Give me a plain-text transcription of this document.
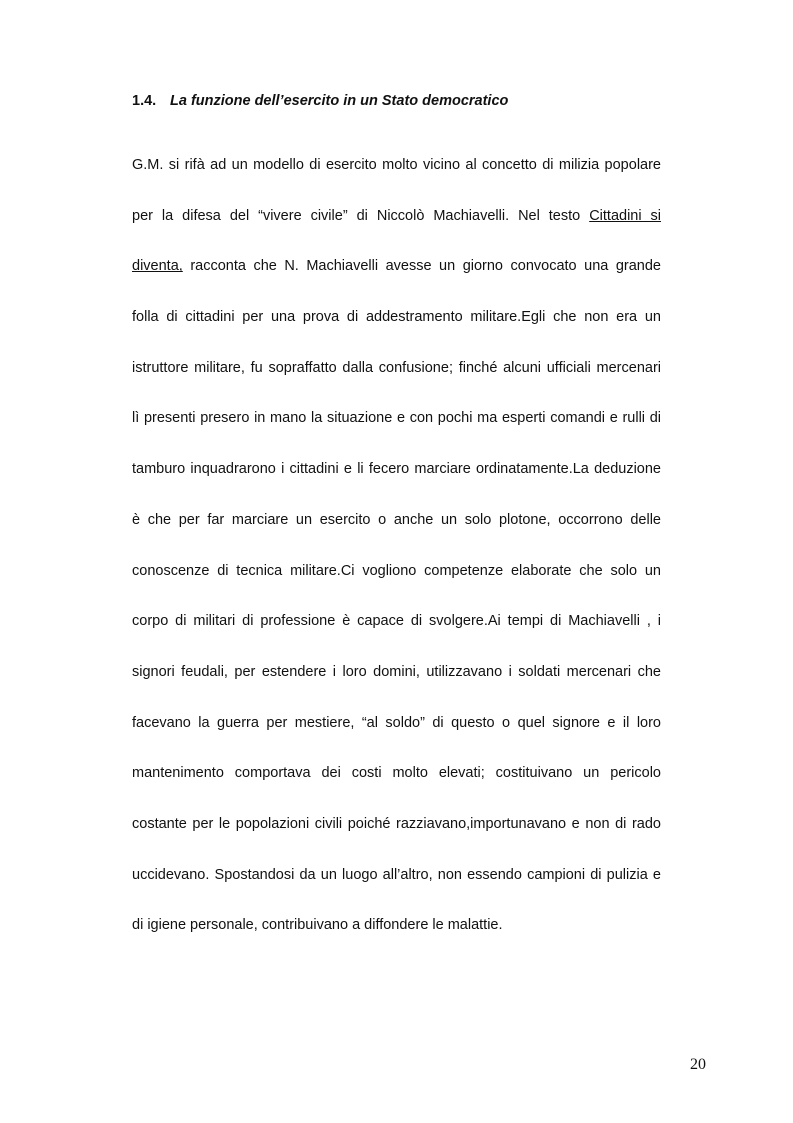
1.4. La funzione dell’esercito in un Stato democratico
G.M. si rifà ad un modello di esercito molto vicino al concetto di milizia popolare
per la difesa del “vivere civile” di Niccolò Machiavelli. Nel testo Cittadini si
diventa, racconta che N. Machiavelli avesse un giorno convocato una grande
folla di cittadini per una prova di addestramento militare.Egli che non era un
istruttore militare, fu sopraffatto dalla confusione; finché alcuni ufficiali mercenari
lì presenti presero in mano la situazione e con pochi ma esperti comandi e rulli di
tamburo inquadrarono i cittadini e li fecero marciare ordinatamente.La deduzione
è che per far marciare un esercito o anche un solo plotone, occorrono delle
conoscenze di tecnica militare.Ci vogliono competenze elaborate che solo un
corpo di militari di professione è capace di svolgere.Ai tempi di Machiavelli , i
signori feudali, per estendere i loro domini, utilizzavano i soldati mercenari che
facevano la guerra per mestiere, “al soldo” di questo o quel signore e il loro
mantenimento comportava dei costi molto elevati; costituivano un pericolo
costante per le popolazioni civili poiché razziavano,importunavano e non di rado
uccidevano. Spostandosi da un luogo all’altro, non essendo campioni di pulizia e
di igiene personale, contribuivano a diffondere le malattie.
20
